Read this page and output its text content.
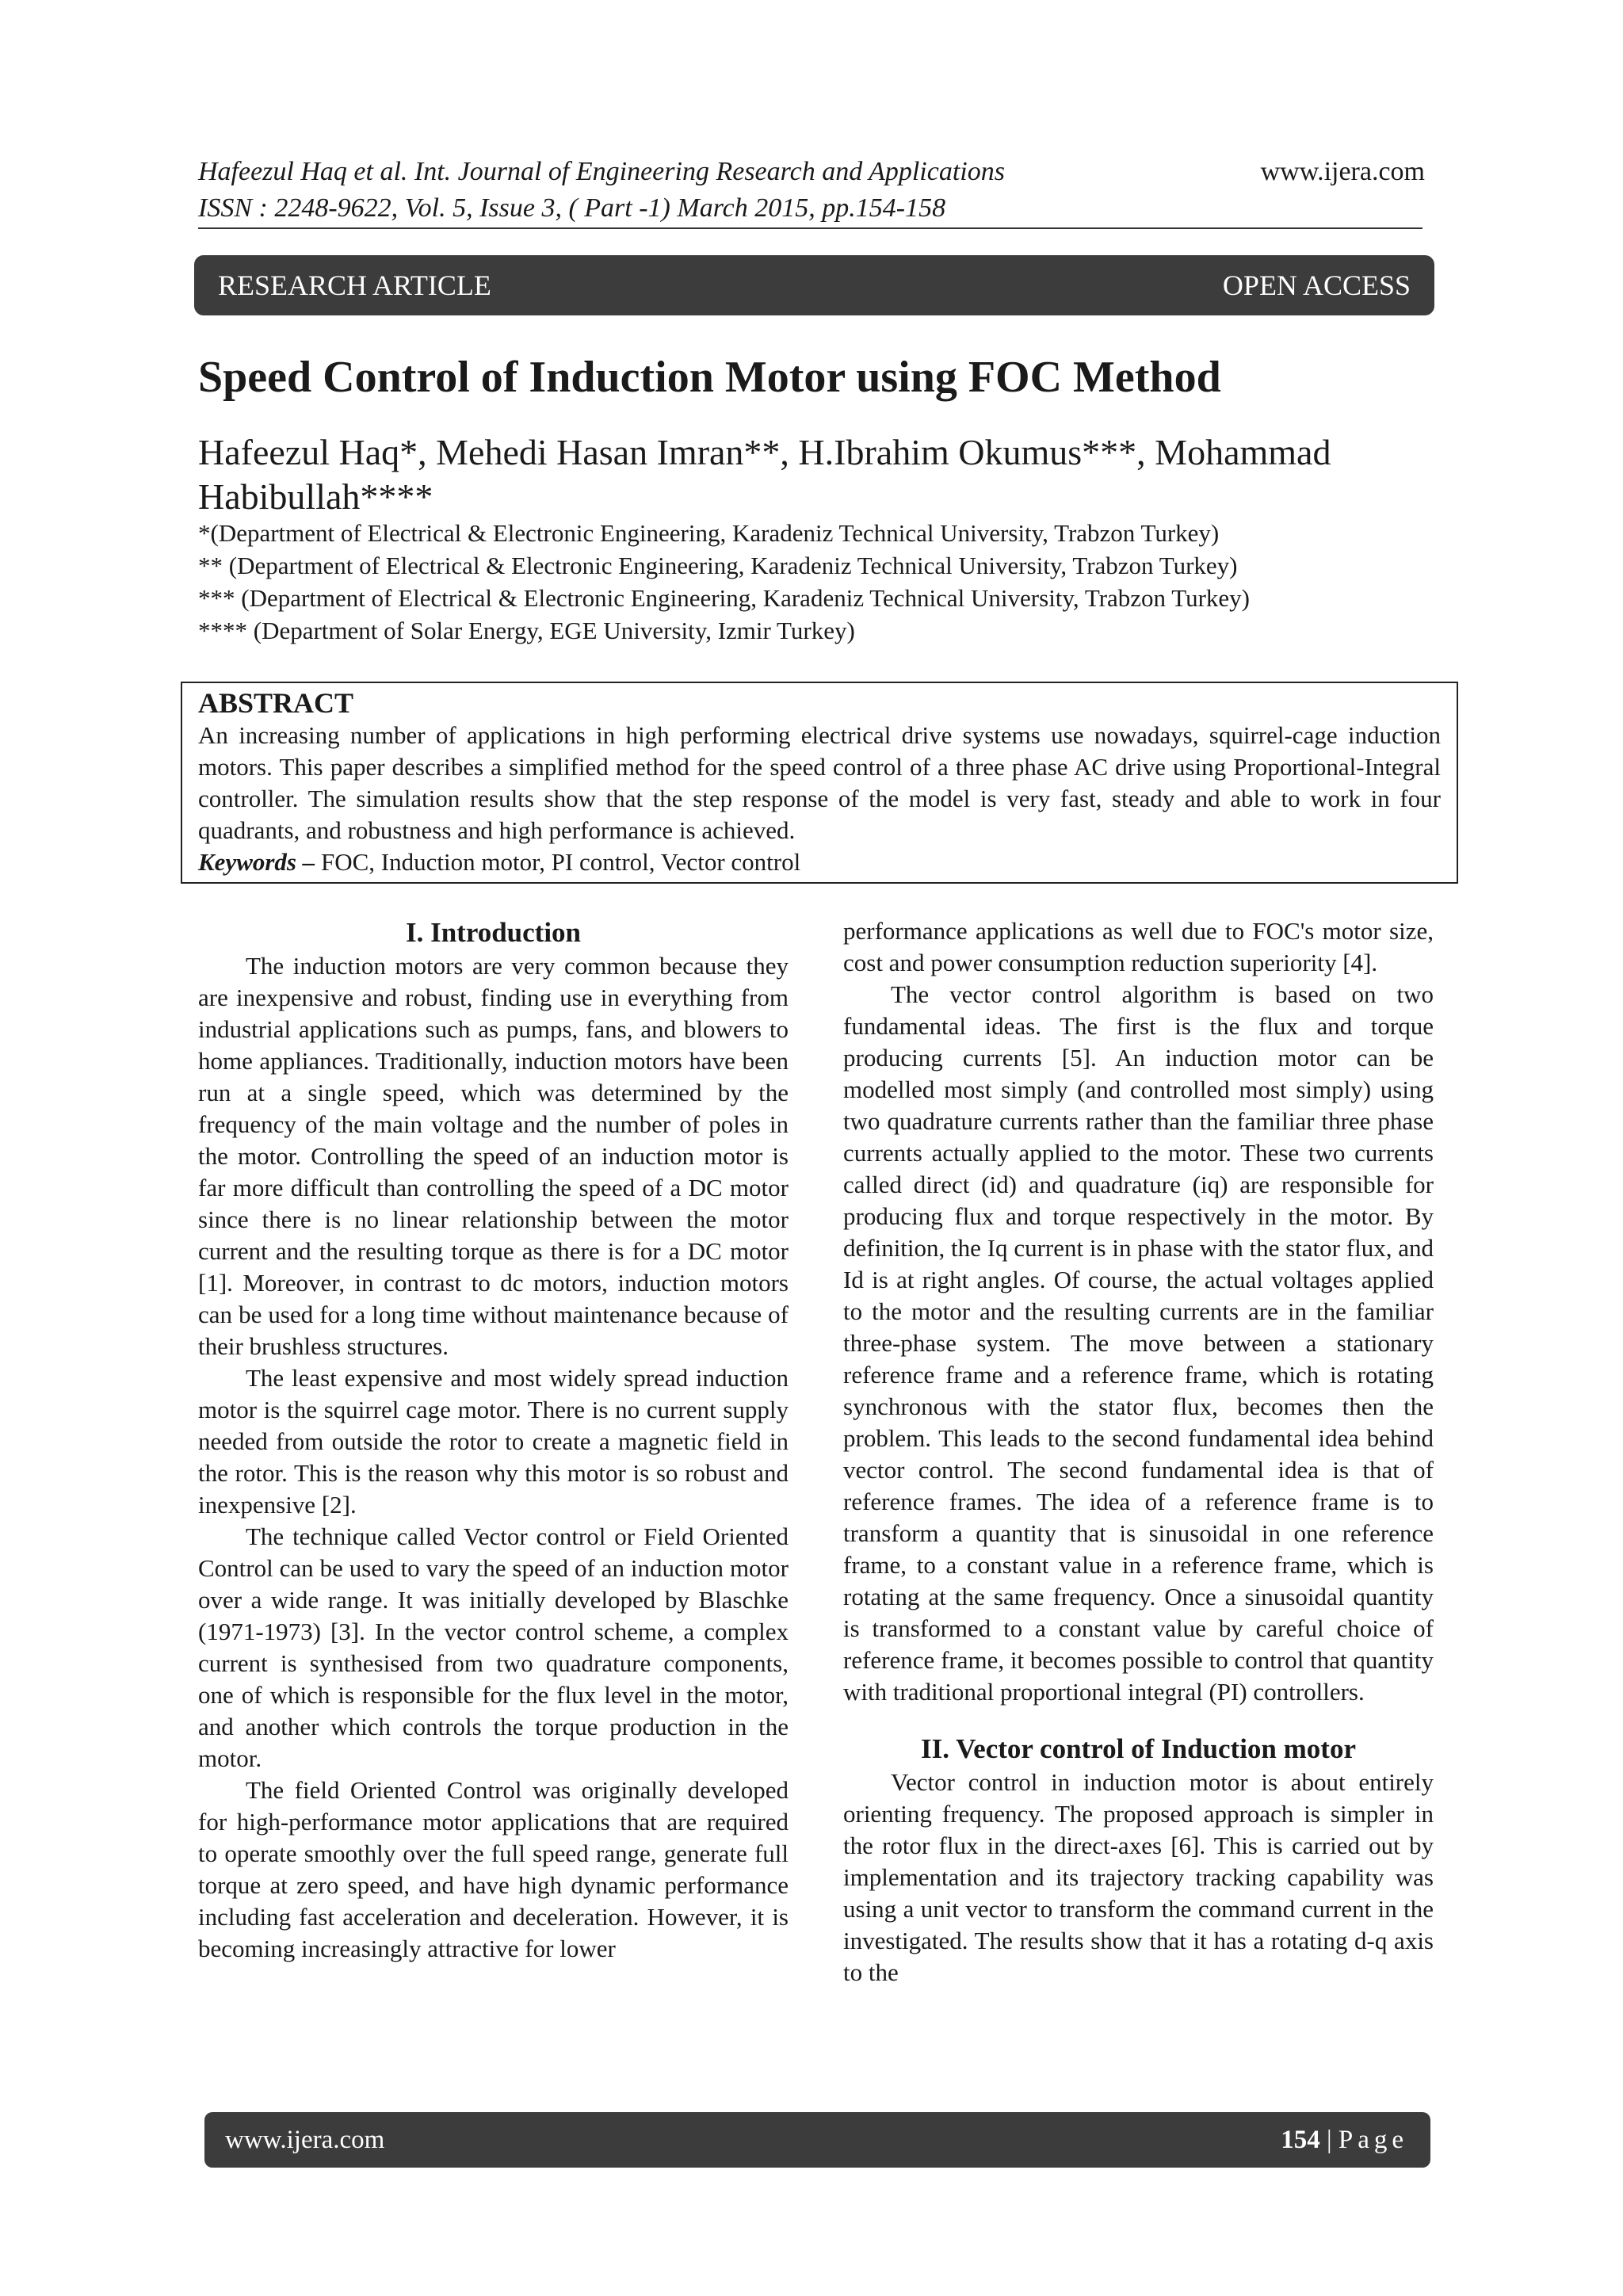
Hafeezul Haq et al. Int. Journal of Engineering Research and Applications
ISSN : 2248-9622, Vol. 5, Issue 3, ( Part -1) March 2015, pp.154-158
www.ijera.com
RESEARCH ARTICLE	OPEN ACCESS
Speed Control of Induction Motor using FOC Method
Hafeezul Haq*, Mehedi Hasan Imran**, H.Ibrahim Okumus***, Mohammad Habibullah****
*(Department of Electrical & Electronic Engineering, Karadeniz Technical University, Trabzon Turkey)
** (Department of Electrical & Electronic Engineering, Karadeniz Technical University, Trabzon Turkey)
*** (Department of Electrical & Electronic Engineering, Karadeniz Technical University, Trabzon Turkey)
**** (Department of Solar Energy, EGE University, Izmir Turkey)
ABSTRACT
An increasing number of applications in high performing electrical drive systems use nowadays, squirrel-cage induction motors. This paper describes a simplified method for the speed control of a three phase AC drive using Proportional-Integral controller. The simulation results show that the step response of the model is very fast, steady and able to work in four quadrants, and robustness and high performance is achieved.
Keywords – FOC, Induction motor, PI control, Vector control
I. Introduction

The induction motors are very common because they are inexpensive and robust, finding use in everything from industrial applications such as pumps, fans, and blowers to home appliances. Traditionally, induction motors have been run at a single speed, which was determined by the frequency of the main voltage and the number of poles in the motor. Controlling the speed of an induction motor is far more difficult than controlling the speed of a DC motor since there is no linear relationship between the motor current and the resulting torque as there is for a DC motor [1]. Moreover, in contrast to dc motors, induction motors can be used for a long time without maintenance because of their brushless structures.

The least expensive and most widely spread induction motor is the squirrel cage motor. There is no current supply needed from outside the rotor to create a magnetic field in the rotor. This is the reason why this motor is so robust and inexpensive [2].

The technique called Vector control or Field Oriented Control can be used to vary the speed of an induction motor over a wide range. It was initially developed by Blaschke (1971-1973) [3]. In the vector control scheme, a complex current is synthesised from two quadrature components, one of which is responsible for the flux level in the motor, and another which controls the torque production in the motor.

The field Oriented Control was originally developed for high-performance motor applications that are required to operate smoothly over the full speed range, generate full torque at zero speed, and have high dynamic performance including fast acceleration and deceleration. However, it is becoming increasingly attractive for lower

performance applications as well due to FOC's motor size, cost and power consumption reduction superiority [4].

The vector control algorithm is based on two fundamental ideas. The first is the flux and torque producing currents [5]. An induction motor can be modelled most simply (and controlled most simply) using two quadrature currents rather than the familiar three phase currents actually applied to the motor. These two currents called direct (id) and quadrature (iq) are responsible for producing flux and torque respectively in the motor. By definition, the Iq current is in phase with the stator flux, and Id is at right angles. Of course, the actual voltages applied to the motor and the resulting currents are in the familiar three-phase system. The move between a stationary reference frame and a reference frame, which is rotating synchronous with the stator flux, becomes then the problem. This leads to the second fundamental idea behind vector control. The second fundamental idea is that of reference frames. The idea of a reference frame is to transform a quantity that is sinusoidal in one reference frame, to a constant value in a reference frame, which is rotating at the same frequency. Once a sinusoidal quantity is transformed to a constant value by careful choice of reference frame, it becomes possible to control that quantity with traditional proportional integral (PI) controllers.

II. Vector control of Induction motor

Vector control in induction motor is about entirely orienting frequency. The proposed approach is simpler in the rotor flux in the direct-axes [6]. This is carried out by implementation and its trajectory tracking capability was using a unit vector to transform the command current in the investigated. The results show that it has a rotating d-q axis to the

www.ijera.com	154 | Page
